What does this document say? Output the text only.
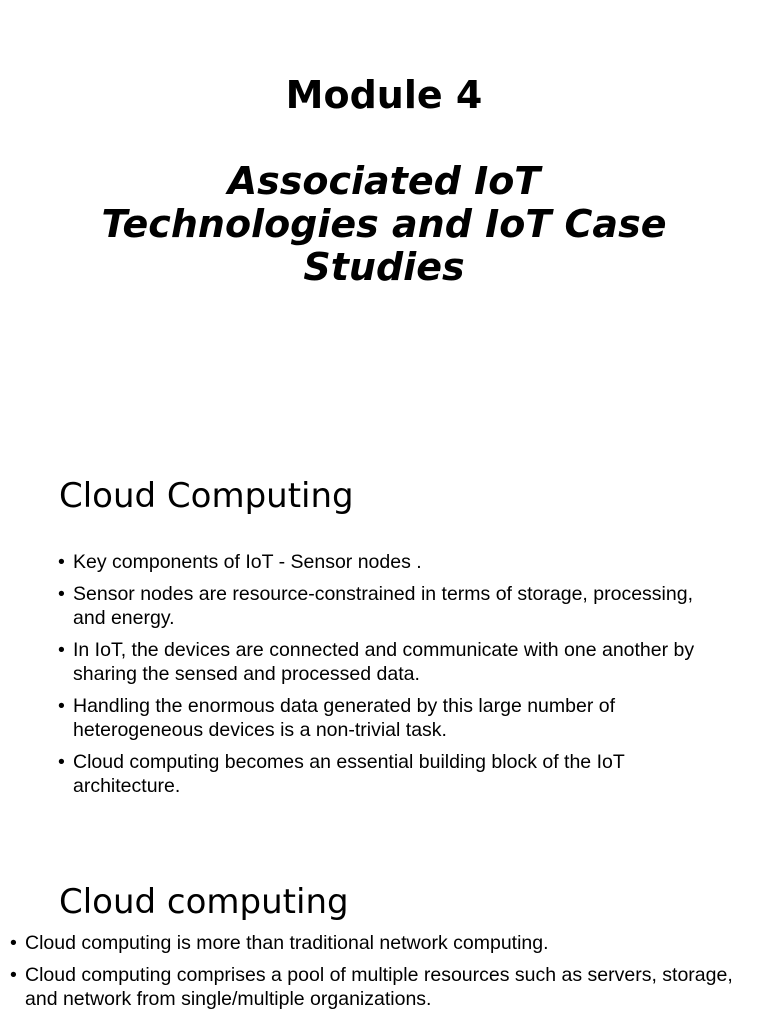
Module 4
Associated IoT Technologies and IoT Case Studies
Cloud Computing
• Key components of IoT - Sensor nodes .
• Sensor nodes are resource-constrained in terms of storage, processing, and energy.
• In IoT, the devices are connected and communicate with one another by sharing the sensed and processed data.
• Handling the enormous data generated by this large number of heterogeneous devices is a non-trivial task.
• Cloud computing becomes an essential building block of the IoT architecture.
Cloud computing
• Cloud computing is more than traditional network computing.
• Cloud computing comprises a pool of multiple resources such as servers, storage, and network from single/multiple organizations.
